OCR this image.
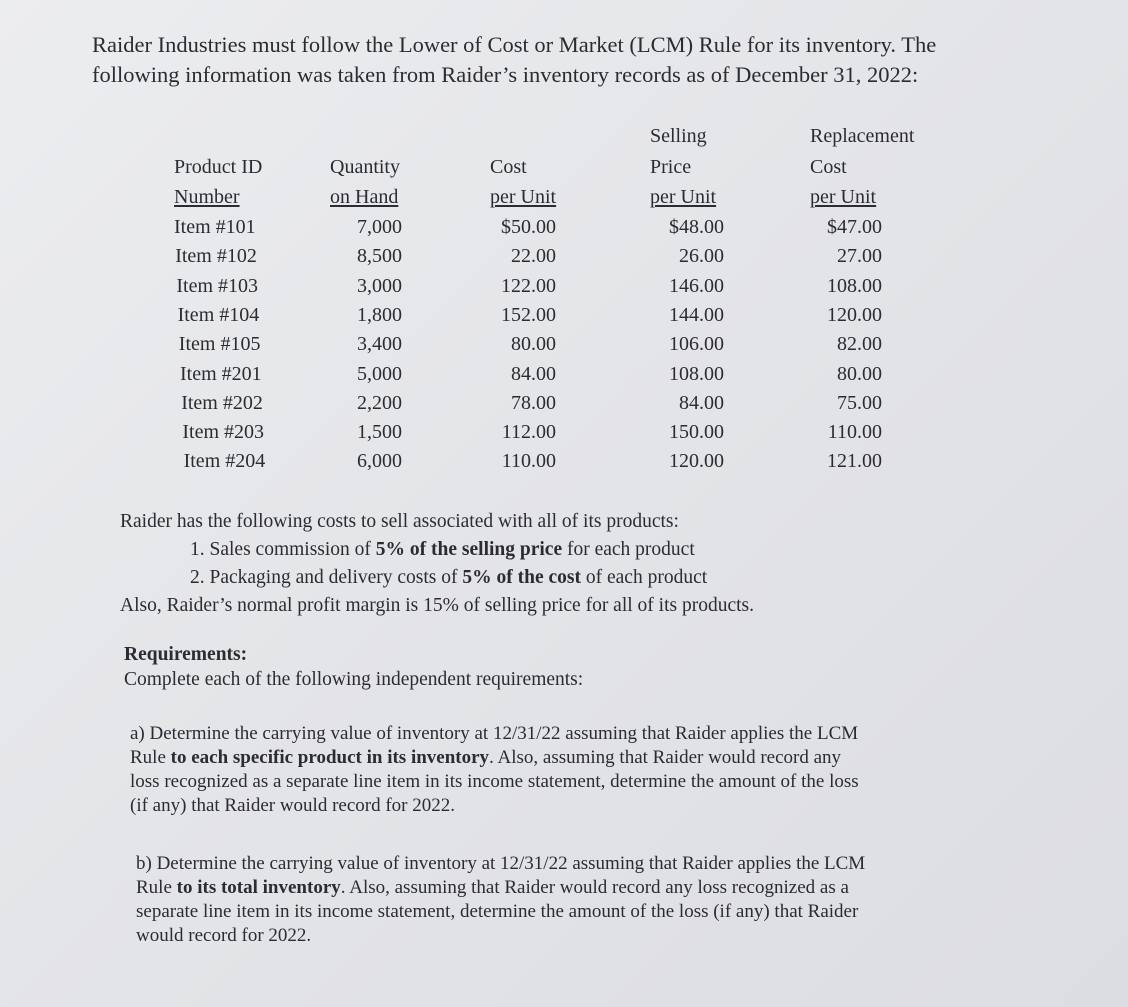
Raider Industries must follow the Lower of Cost or Market (LCM) Rule for its inventory. The
following information was taken from Raider’s inventory records as of December 31, 2022:

Product ID
Number
Item #101
Item #102
Item #103
Item #104
Item #105
Item #201
Item #202
Item #203
Item #204
Quantity
on Hand
7,000
8,500
3,000
1,800
3,400
5,000
2,200
1,500
6,000
Cost
per Unit
$50.00
22.00
122.00
152.00
80.00
84.00
78.00
112.00
110.00
Selling
Price
per Unit
$48.00
26.00
146.00
144.00
106.00
108.00
84.00
150.00
120.00
Replacement
Cost
per Unit
$47.00
27.00
108.00
120.00
82.00
80.00
75.00
110.00
121.00

Raider has the following costs to sell associated with all of its products:
1. Sales commission of 5% of the selling price for each product
2. Packaging and delivery costs of 5% of the cost of each product
Also, Raider’s normal profit margin is 15% of selling price for all of its products.

Requirements:
Complete each of the following independent requirements:

a) Determine the carrying value of inventory at 12/31/22 assuming that Raider applies the LCM
Rule to each specific product in its inventory. Also, assuming that Raider would record any
loss recognized as a separate line item in its income statement, determine the amount of the loss
(if any) that Raider would record for 2022.

b) Determine the carrying value of inventory at 12/31/22 assuming that Raider applies the LCM
Rule to its total inventory. Also, assuming that Raider would record any loss recognized as a
separate line item in its income statement, determine the amount of the loss (if any) that Raider
would record for 2022.
